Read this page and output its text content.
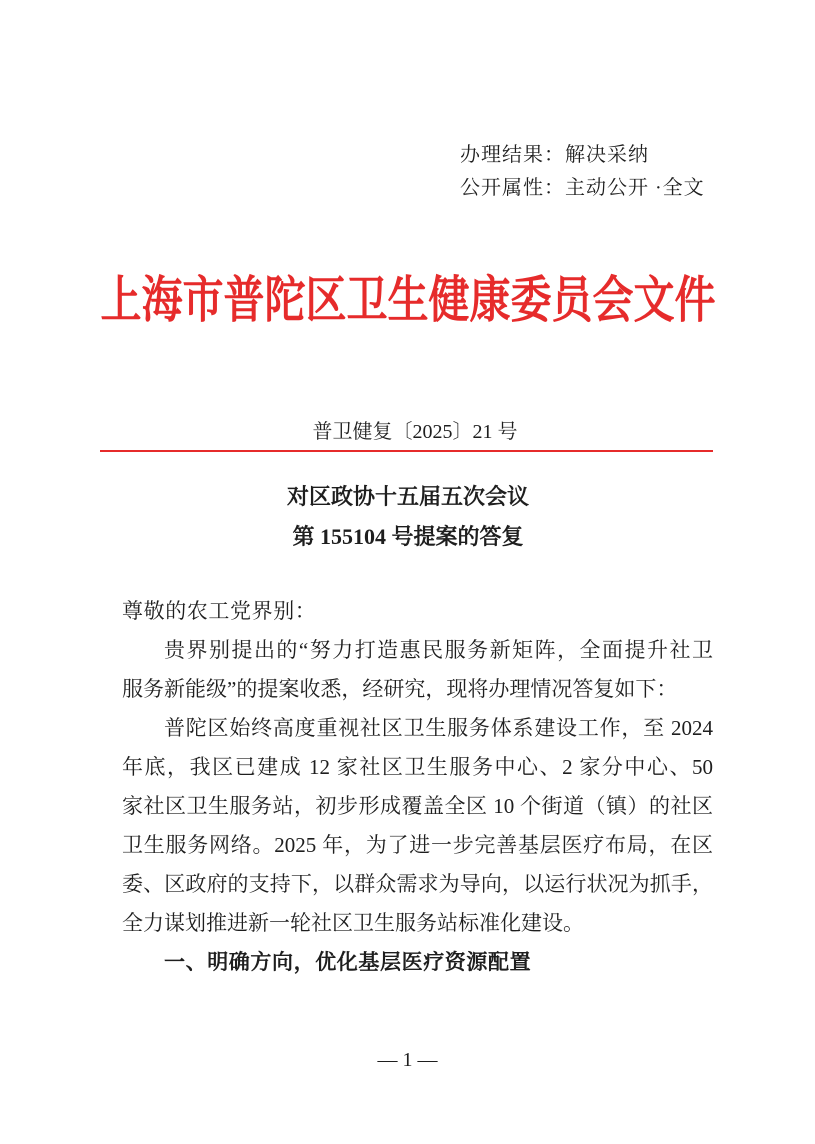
办理结果：解决采纳
公开属性：主动公开 ·全文
上海市普陀区卫生健康委员会文件
普卫健复〔2025〕21 号
对区政协十五届五次会议
第 155104 号提案的答复
尊敬的农工党界别：
贵界别提出的“努力打造惠民服务新矩阵，全面提升社卫
服务新能级”的提案收悉，经研究，现将办理情况答复如下：
普陀区始终高度重视社区卫生服务体系建设工作，至 2024
年底，我区已建成 12 家社区卫生服务中心、2 家分中心、50
家社区卫生服务站，初步形成覆盖全区 10 个街道（镇）的社区
卫生服务网络。2025 年，为了进一步完善基层医疗布局，在区
委、区政府的支持下，以群众需求为导向，以运行状况为抓手，
全力谋划推进新一轮社区卫生服务站标准化建设。
一、明确方向，优化基层医疗资源配置
— 1 —
